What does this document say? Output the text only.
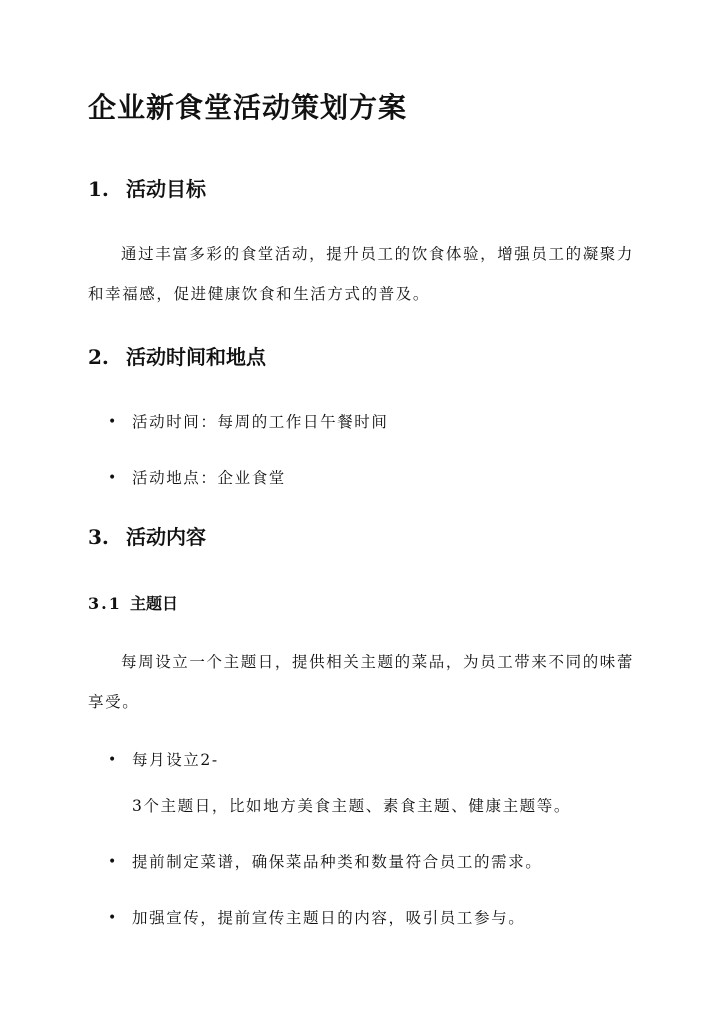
企业新食堂活动策划方案
1. 活动目标

通过丰富多彩的食堂活动，提升员工的饮食体验，增强员工的凝聚力和幸福感，促进健康饮食和生活方式的普及。

2. 活动时间和地点
• 活动时间：每周的工作日午餐时间
• 活动地点：企业食堂
3. 活动内容
3.1 主题日

每周设立一个主题日，提供相关主题的菜品，为员工带来不同的味蕾享受。

• 每月设立2-
3个主题日，比如地方美食主题、素食主题、健康主题等。
• 提前制定菜谱，确保菜品种类和数量符合员工的需求。
• 加强宣传，提前宣传主题日的内容，吸引员工参与。
